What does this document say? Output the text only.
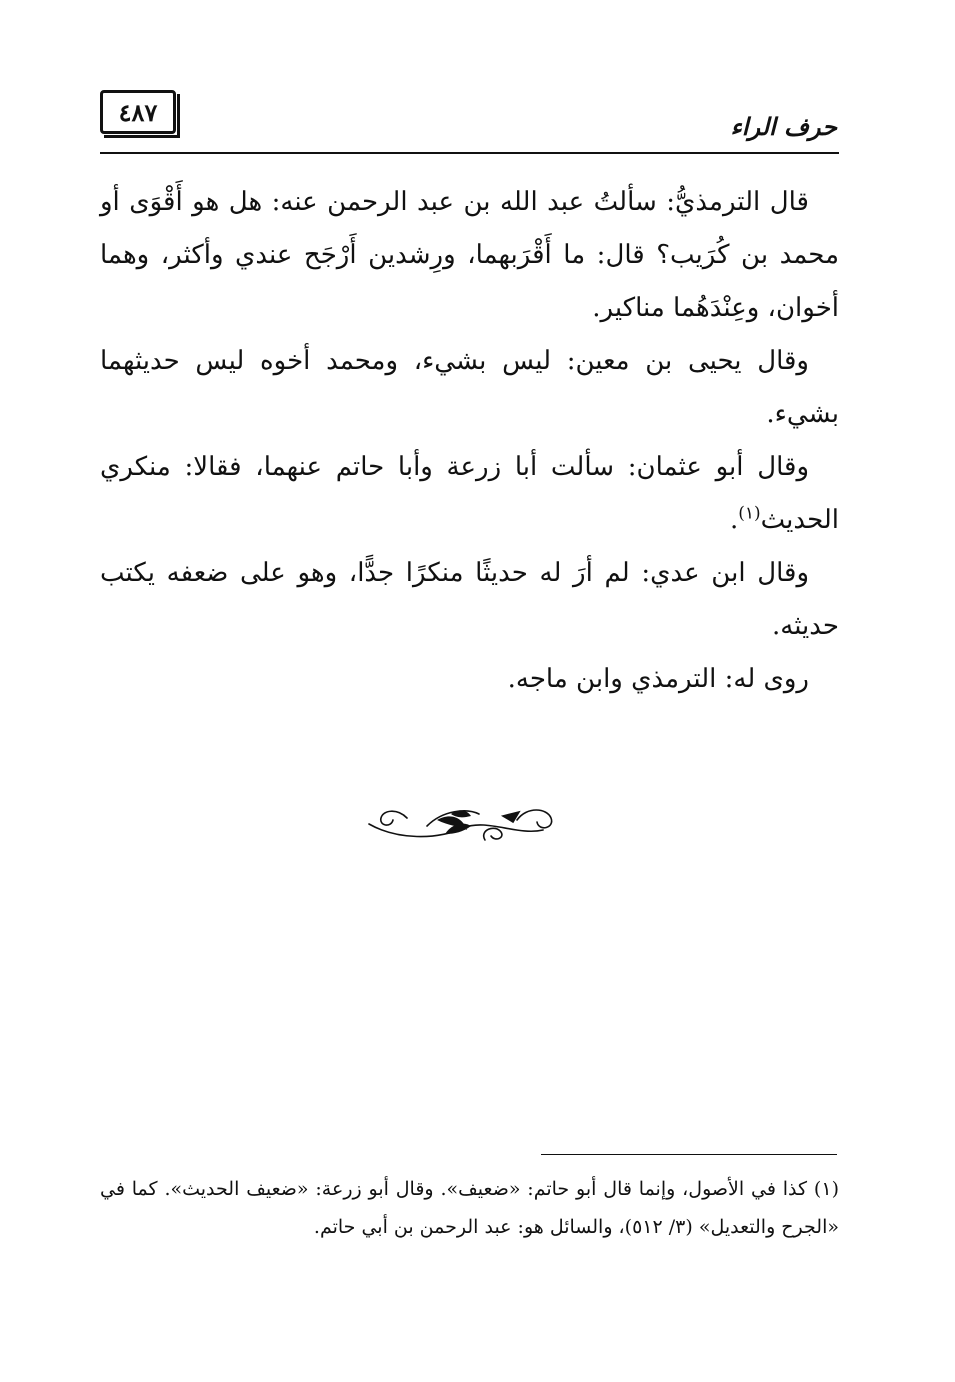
٤٨٧	حرف الراء

قال الترمذيُّ: سألتُ عبد الله بن عبد الرحمن عنه: هل هو أَقْوَى أو محمد بن كُرَيب؟ قال: ما أَقْرَبهما، ورِشدين أَرْجَح عندي وأكثر، وهما أخوان، وعِنْدَهُما مناكير.

وقال يحيى بن معين: ليس بشيء، ومحمد أخوه ليس حديثهما بشيء.

وقال أبو عثمان: سألت أبا زرعة وأبا حاتم عنهما، فقالا: منكري الحديث$^{(١)}$.

وقال ابن عدي: لم أرَ له حديثًا منكرًا جدًّا، وهو على ضعفه يكتب حديثه.

روى له: الترمذي وابن ماجه.

(١) كذا في الأصول، وإنما قال أبو حاتم: «ضعيف». وقال أبو زرعة: «ضعيف الحديث». كما في «الجرح والتعديل» (٣/ ٥١٢)، والسائل هو: عبد الرحمن بن أبي حاتم.
